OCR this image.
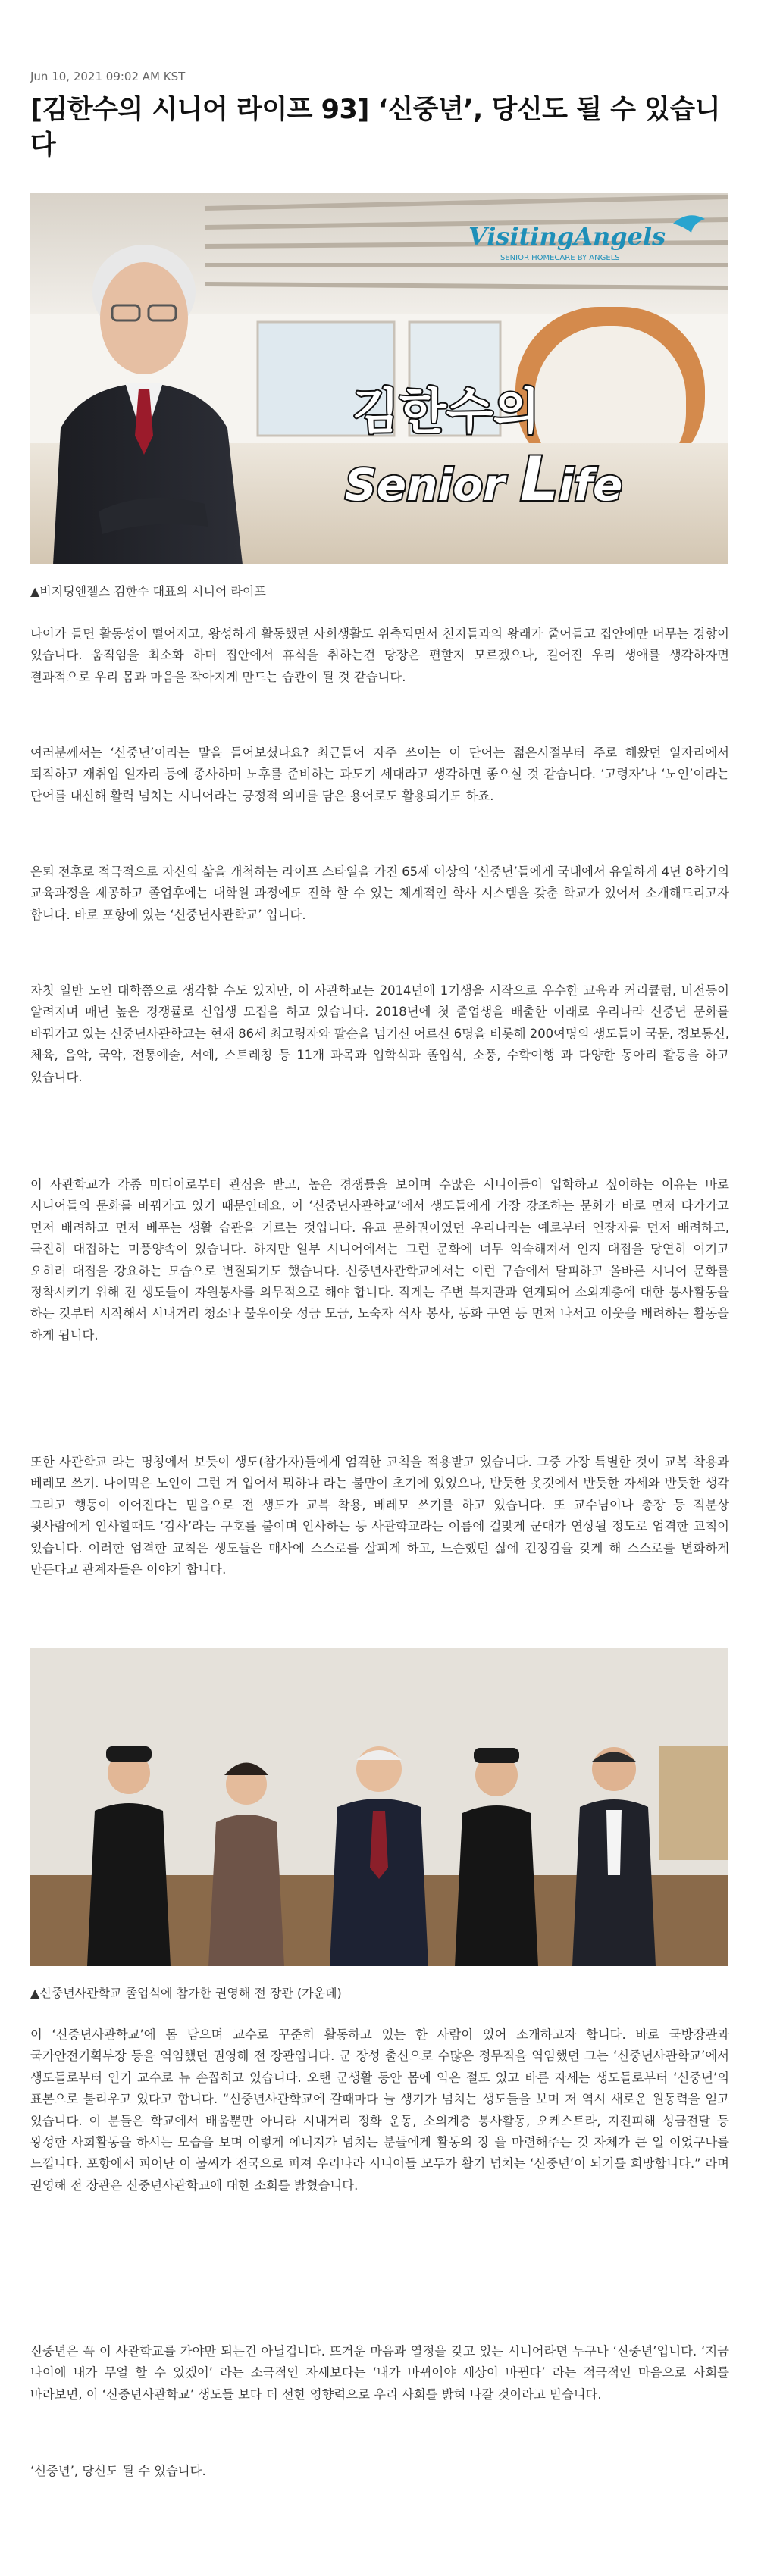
Jun 10, 2021 09:02 AM KST
[김한수의 시니어 라이프 93] ‘신중년’, 당신도 될 수 있습니다
VisitingAngels
SENIOR HOMECARE BY ANGELS
김한수의
Senior Life
▲비지팅엔젤스 김한수 대표의 시니어 라이프

나이가 들면 활동성이 떨어지고, 왕성하게 활동했던 사회생활도 위축되면서 친지들과의 왕래가 줄어들고 집안에만 머무는 경향이 있습니다. 움직임을 최소화 하며 집안에서 휴식을 취하는건 당장은 편할지 모르겠으나, 길어진 우리 생애를 생각하자면 결과적으로 우리 몸과 마음을 작아지게 만드는 습관이 될 것 같습니다.

여러분께서는 ‘신중년’이라는 말을 들어보셨나요? 최근들어 자주 쓰이는 이 단어는 젊은시절부터 주로 해왔던 일자리에서 퇴직하고 재취업 일자리 등에 종사하며 노후를 준비하는 과도기 세대라고 생각하면 좋으실 것 같습니다. ‘고령자’나 ‘노인’이라는 단어를 대신해 활력 넘치는 시니어라는 긍정적 의미를 담은 용어로도 활용되기도 하죠.

은퇴 전후로 적극적으로 자신의 삶을 개척하는 라이프 스타일을 가진 65세 이상의 ‘신중년’들에게 국내에서 유일하게 4년 8학기의 교육과정을 제공하고 졸업후에는 대학원 과정에도 진학 할 수 있는 체계적인 학사 시스템을 갖춘 학교가 있어서 소개해드리고자 합니다. 바로 포항에 있는 ‘신중년사관학교’ 입니다.

자칫 일반 노인 대학쯤으로 생각할 수도 있지만, 이 사관학교는 2014년에 1기생을 시작으로 우수한 교육과 커리큘럼, 비전등이 알려지며 매년 높은 경쟁률로 신입생 모집을 하고 있습니다. 2018년에 첫 졸업생을 배출한 이래로 우리나라 신중년 문화를 바꿔가고 있는 신중년사관학교는 현재 86세 최고령자와 팔순을 넘기신 어르신 6명을 비롯해 200여명의 생도들이 국문, 정보통신, 체육, 음악, 국악, 전통예술, 서예, 스트레칭 등 11개 과목과 입학식과 졸업식, 소풍, 수학여행 과 다양한 동아리 활동을 하고 있습니다.

이 사관학교가 각종 미디어로부터 관심을 받고, 높은 경쟁률을 보이며 수많은 시니어들이 입학하고 싶어하는 이유는 바로 시니어들의 문화를 바꿔가고 있기 때문인데요, 이 ‘신중년사관학교’에서 생도들에게 가장 강조하는 문화가 바로 먼저 다가가고 먼저 배려하고 먼저 베푸는 생활 습관을 기르는 것입니다. 유교 문화권이였던 우리나라는 예로부터 연장자를 먼저 배려하고, 극진히 대접하는 미풍양속이 있습니다. 하지만 일부 시니어에서는 그런 문화에 너무 익숙해져서 인지 대접을 당연히 여기고 오히려 대접을 강요하는 모습으로 변질되기도 했습니다. 신중년사관학교에서는 이런 구습에서 탈피하고 올바른 시니어 문화를 정착시키기 위해 전 생도들이 자원봉사를 의무적으로 해야 합니다. 작게는 주변 복지관과 연계되어 소외계층에 대한 봉사활동을 하는 것부터 시작해서 시내거리 청소나 불우이웃 성금 모금, 노숙자 식사 봉사, 동화 구연 등 먼저 나서고 이웃을 배려하는 활동을 하게 됩니다.

또한 사관학교 라는 명칭에서 보듯이 생도(참가자)들에게 엄격한 교칙을 적용받고 있습니다. 그중 가장 특별한 것이 교복 착용과 베레모 쓰기. 나이먹은 노인이 그런 거 입어서 뭐하냐 라는 불만이 초기에 있었으나, 반듯한 옷깃에서 반듯한 자세와 반듯한 생각 그리고 행동이 이어진다는 믿음으로 전 생도가 교복 착용, 베레모 쓰기를 하고 있습니다. 또 교수님이나 총장 등 직분상 윗사람에게 인사할때도 ‘감사’라는 구호를 붙이며 인사하는 등 사관학교라는 이름에 걸맞게 군대가 연상될 정도로 엄격한 교칙이 있습니다. 이러한 엄격한 교칙은 생도들은 매사에 스스로를 살피게 하고, 느슨했던 삶에 긴장감을 갖게 해 스스로를 변화하게 만든다고 관계자들은 이야기 합니다.

▲신중년사관학교 졸업식에 참가한 권영해 전 장관 (가운데)

이 ‘신중년사관학교’에 몸 담으며 교수로 꾸준히 활동하고 있는 한 사람이 있어 소개하고자 합니다. 바로 국방장관과 국가안전기획부장 등을 역임했던 권영해 전 장관입니다. 군 장성 출신으로 수많은 정무직을 역임했던 그는 ‘신중년사관학교’에서 생도들로부터 인기 교수로 뉴 손꼽히고 있습니다. 오랜 군생활 동안 몸에 익은 절도 있고 바른 자세는 생도들로부터 ‘신중년’의 표본으로 불리우고 있다고 합니다. “신중년사관학교에 갈때마다 늘 생기가 넘치는 생도들을 보며 저 역시 새로운 원동력을 얻고 있습니다. 이 분들은 학교에서 배움뿐만 아니라 시내거리 정화 운동, 소외계층 봉사활동, 오케스트라, 지진피해 성금전달 등 왕성한 사회활동을 하시는 모습을 보며 이렇게 에너지가 넘치는 분들에게 활동의 장 을 마련해주는 것 자체가 큰 일 이었구나를 느낍니다. 포항에서 피어난 이 불씨가 전국으로 퍼져 우리나라 시니어들 모두가 활기 넘치는 ‘신중년’이 되기를 희망합니다.” 라며 권영해 전 장관은 신중년사관학교에 대한 소회를 밝혔습니다.

신중년은 꼭 이 사관학교를 가야만 되는건 아닐겁니다. 뜨거운 마음과 열정을 갖고 있는 시니어라면 누구나 ‘신중년’입니다. ‘지금 나이에 내가 무얼 할 수 있겠어’ 라는 소극적인 자세보다는 ‘내가 바뀌어야 세상이 바뀐다’ 라는 적극적인 마음으로 사회를 바라보면, 이 ‘신중년사관학교’ 생도들 보다 더 선한 영향력으로 우리 사회를 밝혀 나갈 것이라고 믿습니다.

‘신중년’, 당신도 될 수 있습니다.
